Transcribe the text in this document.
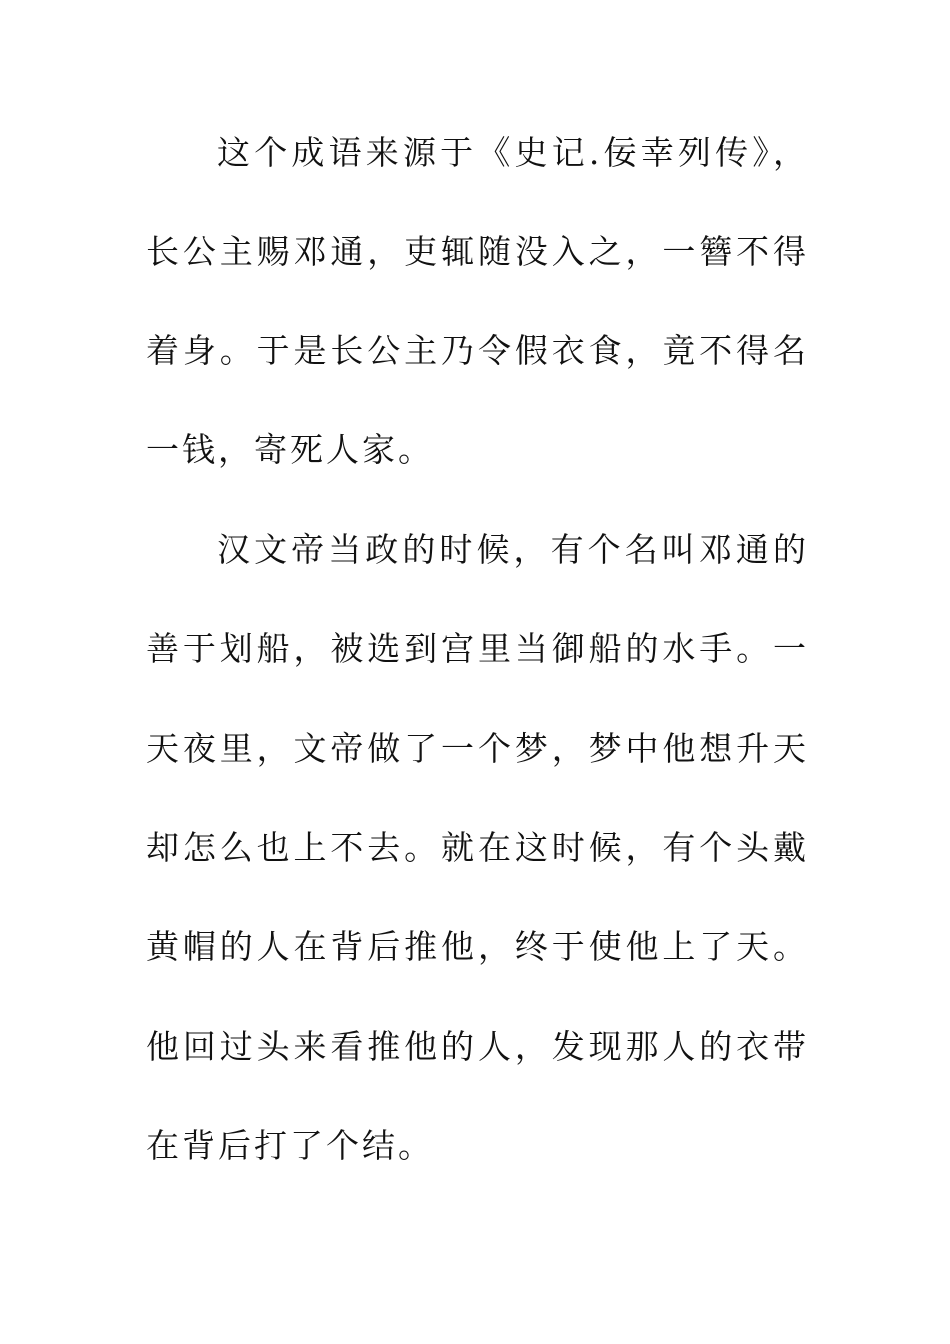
这个成语来源于《史记.佞幸列传》，
长公主赐邓通，吏辄随没入之，一簪不得
着身。于是长公主乃令假衣食，竟不得名
一钱，寄死人家。
汉文帝当政的时候，有个名叫邓通的
善于划船，被选到宫里当御船的水手。一
天夜里，文帝做了一个梦，梦中他想升天
却怎么也上不去。就在这时候，有个头戴
黄帽的人在背后推他，终于使他上了天。
他回过头来看推他的人，发现那人的衣带
在背后打了个结。
